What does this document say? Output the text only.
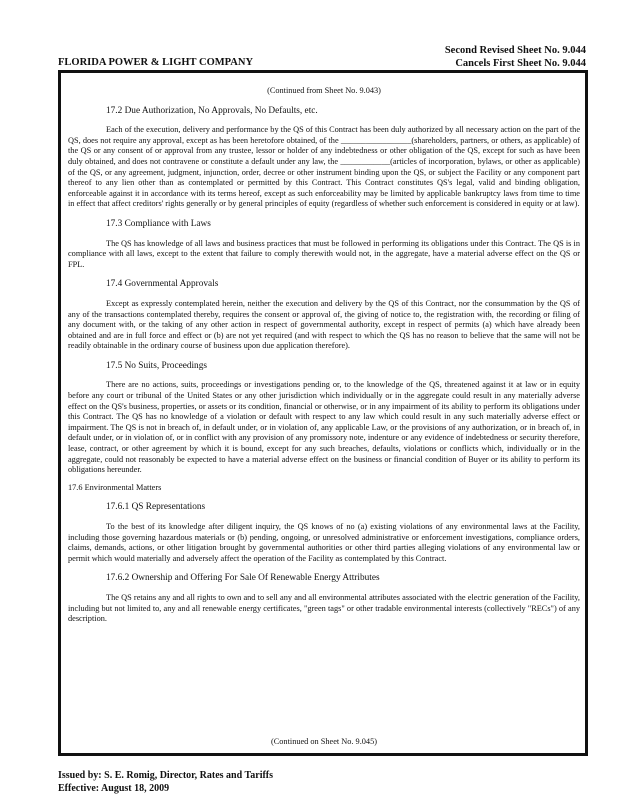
FLORIDA POWER & LIGHT COMPANY
Second Revised Sheet No. 9.044
Cancels First Sheet No. 9.044
(Continued from Sheet No. 9.043)
17.2 Due Authorization, No Approvals, No Defaults, etc.
Each of the execution, delivery and performance by the QS of this Contract has been duly authorized by all necessary action on the part of the QS, does not require any approval, except as has been heretofore obtained, of the _________________(shareholders, partners, or others, as applicable) of the QS or any consent of or approval from any trustee, lessor or holder of any indebtedness or other obligation of the QS, except for such as have been duly obtained, and does not contravene or constitute a default under any law, the ____________(articles of incorporation, bylaws, or other as applicable) of the QS, or any agreement, judgment, injunction, order, decree or other instrument binding upon the QS, or subject the Facility or any component part thereof to any lien other than as contemplated or permitted by this Contract. This Contract constitutes QS's legal, valid and binding obligation, enforceable against it in accordance with its terms hereof, except as such enforceability may be limited by applicable bankruptcy laws from time to time in effect that affect creditors' rights generally or by general principles of equity (regardless of whether such enforcement is considered in equity or at law).
17.3 Compliance with Laws
The QS has knowledge of all laws and business practices that must be followed in performing its obligations under this Contract. The QS is in compliance with all laws, except to the extent that failure to comply therewith would not, in the aggregate, have a material adverse effect on the QS or FPL.
17.4 Governmental Approvals
Except as expressly contemplated herein, neither the execution and delivery by the QS of this Contract, nor the consummation by the QS of any of the transactions contemplated thereby, requires the consent or approval of, the giving of notice to, the registration with, the recording or filing of any document with, or the taking of any other action in respect of governmental authority, except in respect of permits (a) which have already been obtained and are in full force and effect or (b) are not yet required (and with respect to which the QS has no reason to believe that the same will not be readily obtainable in the ordinary course of business upon due application therefore).
17.5 No Suits, Proceedings
There are no actions, suits, proceedings or investigations pending or, to the knowledge of the QS, threatened against it at law or in equity before any court or tribunal of the United States or any other jurisdiction which individually or in the aggregate could result in any materially adverse effect on the QS's business, properties, or assets or its condition, financial or otherwise, or in any impairment of its ability to perform its obligations under this Contract. The QS has no knowledge of a violation or default with respect to any law which could result in any such materially adverse effect or impairment. The QS is not in breach of, in default under, or in violation of, any applicable Law, or the provisions of any authorization, or in breach of, in default under, or in violation of, or in conflict with any provision of any promissory note, indenture or any evidence of indebtedness or security therefore, lease, contract, or other agreement by which it is bound, except for any such breaches, defaults, violations or conflicts which, individually or in the aggregate, could not reasonably be expected to have a material adverse effect on the business or financial condition of Buyer or its ability to perform its obligations hereunder.
17.6 Environmental Matters
17.6.1 QS Representations
To the best of its knowledge after diligent inquiry, the QS knows of no (a) existing violations of any environmental laws at the Facility, including those governing hazardous materials or (b) pending, ongoing, or unresolved administrative or enforcement investigations, compliance orders, claims, demands, actions, or other litigation brought by governmental authorities or other third parties alleging violations of any environmental law or permit which would materially and adversely affect the operation of the Facility as contemplated by this Contract.
17.6.2 Ownership and Offering For Sale Of Renewable Energy Attributes
The QS retains any and all rights to own and to sell any and all environmental attributes associated with the electric generation of the Facility, including but not limited to, any and all renewable energy certificates, "green tags" or other tradable environmental interests (collectively "RECs") of any description.
(Continued on Sheet No. 9.045)
Issued by: S. E. Romig, Director, Rates and Tariffs
Effective: August 18, 2009
